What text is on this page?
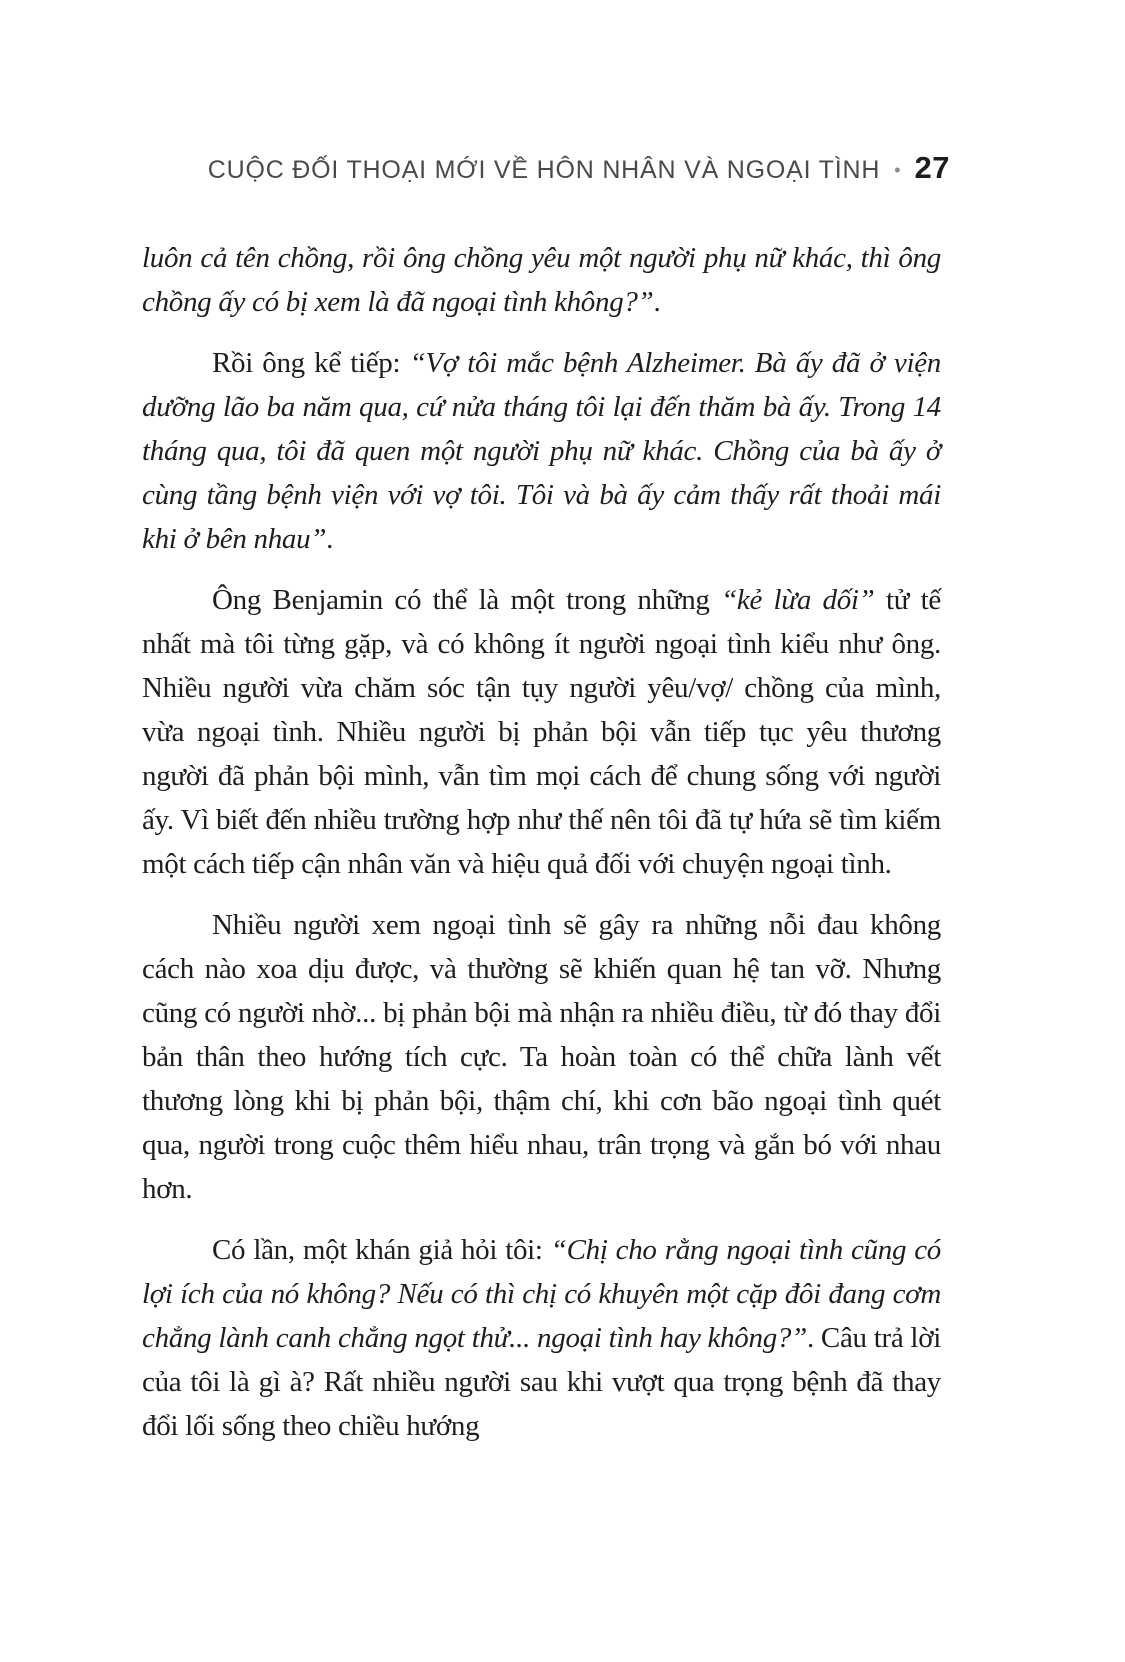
CUỘC ĐỐI THOẠI MỚI VỀ HÔN NHÂN VÀ NGOẠI TÌNH • 27

luôn cả tên chồng, rồi ông chồng yêu một người phụ nữ khác, thì ông chồng ấy có bị xem là đã ngoại tình không?”.

Rồi ông kể tiếp: “Vợ tôi mắc bệnh Alzheimer. Bà ấy đã ở viện dưỡng lão ba năm qua, cứ nửa tháng tôi lại đến thăm bà ấy. Trong 14 tháng qua, tôi đã quen một người phụ nữ khác. Chồng của bà ấy ở cùng tầng bệnh viện với vợ tôi. Tôi và bà ấy cảm thấy rất thoải mái khi ở bên nhau”.

Ông Benjamin có thể là một trong những “kẻ lừa dối” tử tế nhất mà tôi từng gặp, và có không ít người ngoại tình kiểu như ông. Nhiều người vừa chăm sóc tận tụy người yêu/vợ/ chồng của mình, vừa ngoại tình. Nhiều người bị phản bội vẫn tiếp tục yêu thương người đã phản bội mình, vẫn tìm mọi cách để chung sống với người ấy. Vì biết đến nhiều trường hợp như thế nên tôi đã tự hứa sẽ tìm kiếm một cách tiếp cận nhân văn và hiệu quả đối với chuyện ngoại tình.

Nhiều người xem ngoại tình sẽ gây ra những nỗi đau không cách nào xoa dịu được, và thường sẽ khiến quan hệ tan vỡ. Nhưng cũng có người nhờ... bị phản bội mà nhận ra nhiều điều, từ đó thay đổi bản thân theo hướng tích cực. Ta hoàn toàn có thể chữa lành vết thương lòng khi bị phản bội, thậm chí, khi cơn bão ngoại tình quét qua, người trong cuộc thêm hiểu nhau, trân trọng và gắn bó với nhau hơn.

Có lần, một khán giả hỏi tôi: “Chị cho rằng ngoại tình cũng có lợi ích của nó không? Nếu có thì chị có khuyên một cặp đôi đang cơm chẳng lành canh chẳng ngọt thử... ngoại tình hay không?”. Câu trả lời của tôi là gì à? Rất nhiều người sau khi vượt qua trọng bệnh đã thay đổi lối sống theo chiều hướng
